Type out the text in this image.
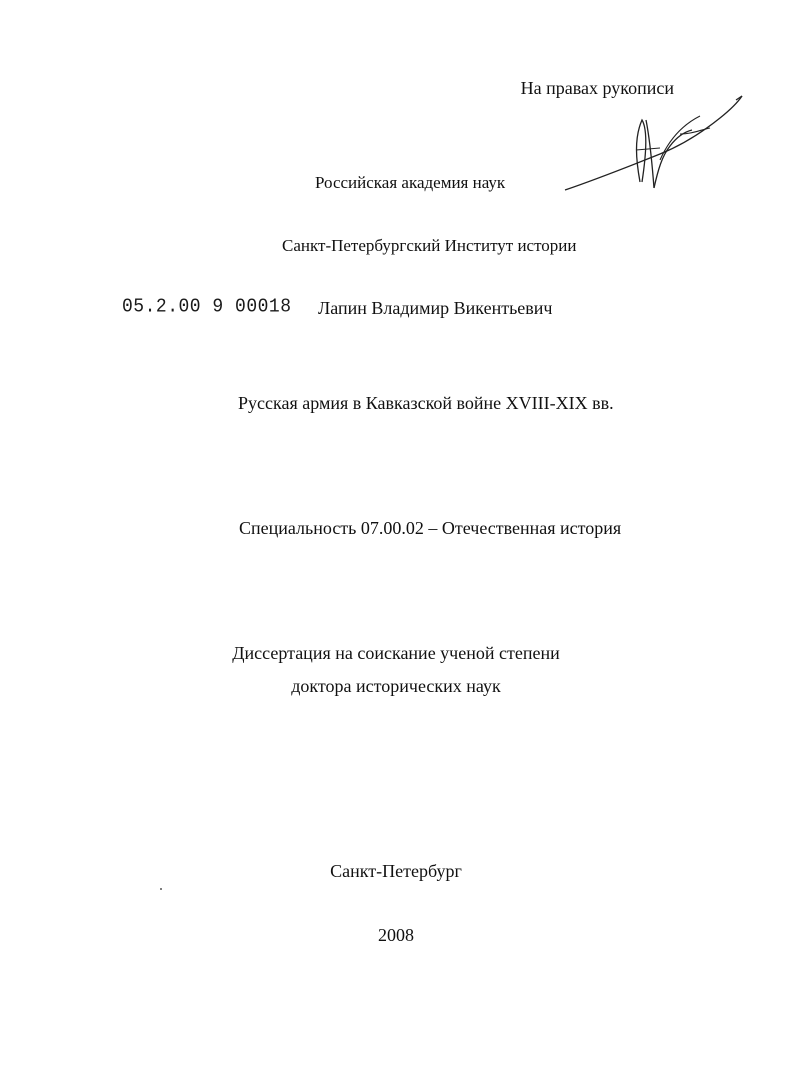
На правах рукописи
Российская академия наук
Санкт-Петербургский Институт истории
05.2.00 9 00018 Лапин Владимир Викентьевич
Русская армия в Кавказской войне XVIII-XIX вв.
Специальность 07.00.02 – Отечественная история
Диссертация на соискание ученой степени
доктора исторических наук
Санкт-Петербург
2008
